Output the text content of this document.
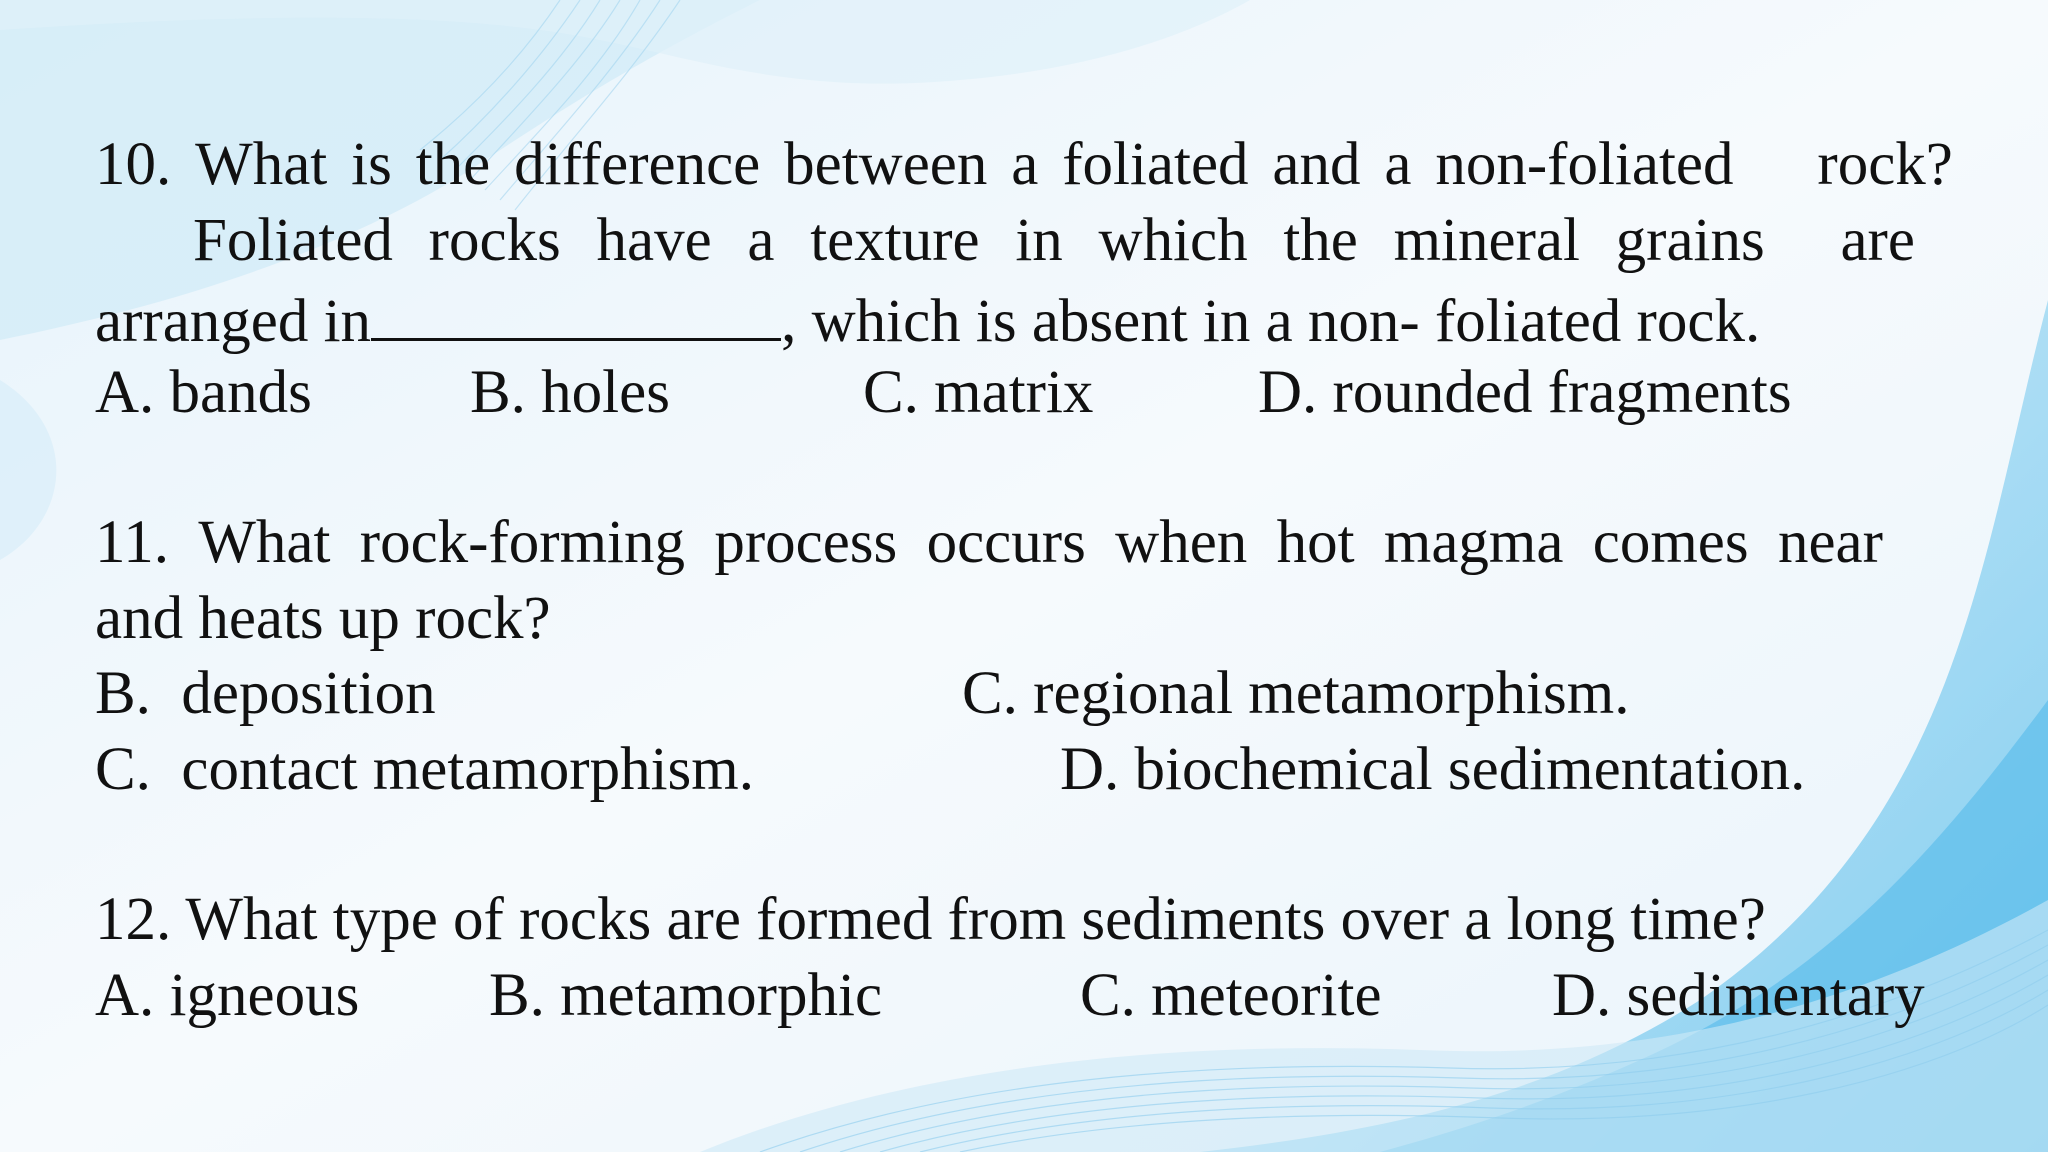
10. What is the difference between a foliated and a non-foliated rock?
Foliated rocks have a texture in which the mineral grains are
arranged in	, which is absent in a non- foliated rock.
A. bands	B. holes	C. matrix	D. rounded fragments
11. What rock-forming process occurs when hot magma comes near
and heats up rock?
B.  deposition	C. regional metamorphism.
C.  contact metamorphism.	D. biochemical sedimentation.
12. What type of rocks are formed from sediments over a long time?
A. igneous B. metamorphic	C. meteorite	D. sedimentary
